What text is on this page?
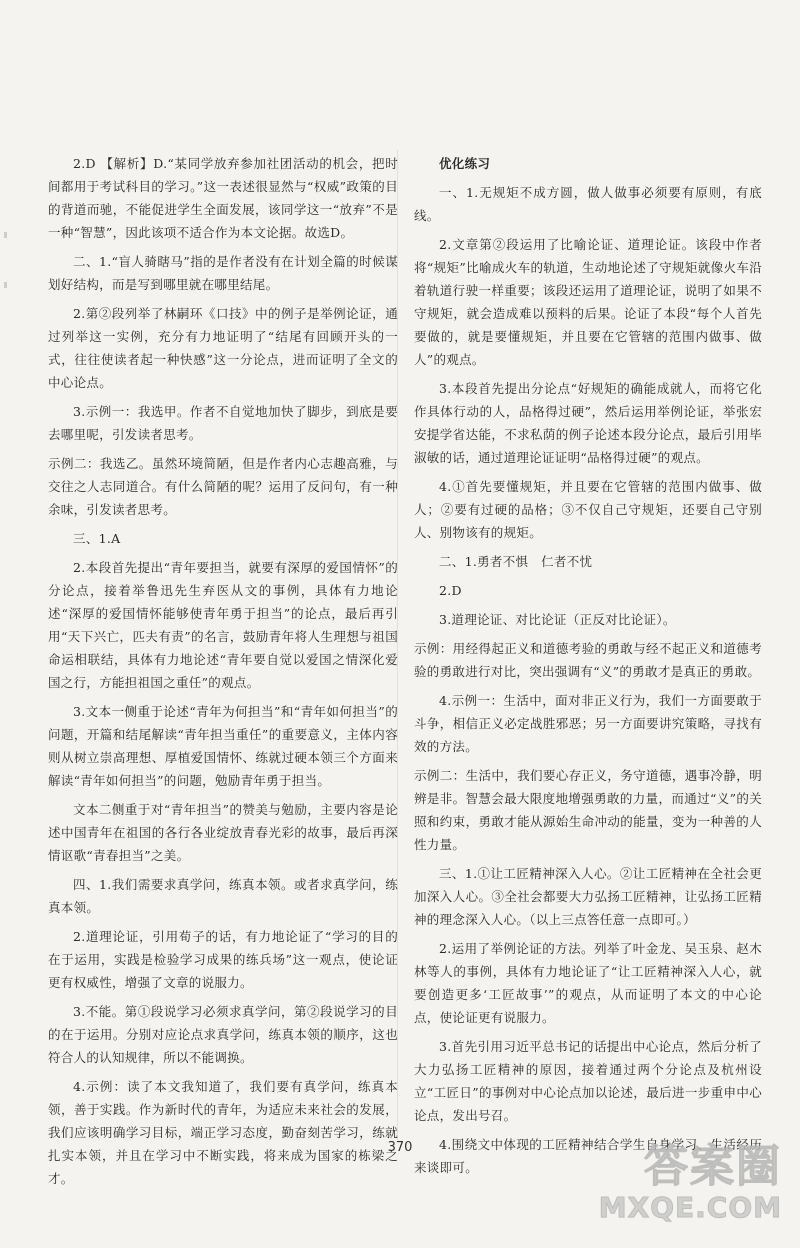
2.D 【解析】D.“某同学放弃参加社团活动的机会，把时间都用于考试科目的学习。”这一表述很显然与“权威”政策的目的背道而驰，不能促进学生全面发展，该同学这一“放弃”不是一种“智慧”，因此该项不适合作为本文论据。故选D。

二、1.“盲人骑瞎马”指的是作者没有在计划全篇的时候谋划好结构，而是写到哪里就在哪里结尾。

2.第②段列举了林嗣环《口技》中的例子是举例论证，通过列举这一实例，充分有力地证明了“结尾有回顾开头的一式，往往使读者起一种快感”这一分论点，进而证明了全文的中心论点。

3.示例一：我选甲。作者不自觉地加快了脚步，到底是要去哪里呢，引发读者思考。

示例二：我选乙。虽然环境简陋，但是作者内心志趣高雅，与交往之人志同道合。有什么简陋的呢？运用了反问句，有一种余味，引发读者思考。

三、1.A

2.本段首先提出“青年要担当，就要有深厚的爱国情怀”的分论点，接着举鲁迅先生弃医从文的事例，具体有力地论述“深厚的爱国情怀能够使青年勇于担当”的论点，最后再引用“天下兴亡，匹夫有责”的名言，鼓励青年将人生理想与祖国命运相联结，具体有力地论述“青年要自觉以爱国之情深化爱国之行，方能担祖国之重任”的观点。

3.文本一侧重于论述“青年为何担当”和“青年如何担当”的问题，开篇和结尾解读“青年担当重任”的重要意义，主体内容则从树立崇高理想、厚植爱国情怀、练就过硬本领三个方面来解读“青年如何担当”的问题，勉励青年勇于担当。

文本二侧重于对“青年担当”的赞美与勉励，主要内容是论述中国青年在祖国的各行各业绽放青春光彩的故事，最后再深情讴歌“青春担当”之美。

四、1.我们需要求真学问，练真本领。或者求真学问，练真本领。

2.道理论证，引用荀子的话，有力地论证了“学习的目的在于运用，实践是检验学习成果的练兵场”这一观点，使论证更有权威性，增强了文章的说服力。

3.不能。第①段说学习必须求真学问，第②段说学习的目的在于运用。分别对应论点求真学问，练真本领的顺序，这也符合人的认知规律，所以不能调换。

4.示例：读了本文我知道了，我们要有真学问，练真本领，善于实践。作为新时代的青年，为适应未来社会的发展，我们应该明确学习目标，端正学习态度，勤奋刻苦学习，练就扎实本领，并且在学习中不断实践，将来成为国家的栋梁之才。

优化练习

一、1.无规矩不成方圆，做人做事必须要有原则，有底线。

2.文章第②段运用了比喻论证、道理论证。该段中作者将“规矩”比喻成火车的轨道，生动地论述了守规矩就像火车沿着轨道行驶一样重要；该段还运用了道理论证，说明了如果不守规矩，就会造成难以预料的后果。论证了本段“每个人首先要做的，就是要懂规矩，并且要在它管辖的范围内做事、做人”的观点。

3.本段首先提出分论点“好规矩的确能成就人，而将它化作具体行动的人，品格得过硬”，然后运用举例论证，举张宏安提学省达能，不求私荫的例子论述本段分论点，最后引用毕淑敏的话，通过道理论证证明“品格得过硬”的观点。

4.①首先要懂规矩，并且要在它管辖的范围内做事、做人；②要有过硬的品格；③不仅自己守规矩，还要自己守别人、别物该有的规矩。

二、1.勇者不惧　仁者不忧

2.D

3.道理论证、对比论证（正反对比论证）。

示例：用经得起正义和道德考验的勇敢与经不起正义和道德考验的勇敢进行对比，突出强调有“义”的勇敢才是真正的勇敢。

4.示例一：生活中，面对非正义行为，我们一方面要敢于斗争，相信正义必定战胜邪恶；另一方面要讲究策略，寻找有效的方法。

示例二：生活中，我们要心存正义，务守道德，遇事冷静，明辨是非。智慧会最大限度地增强勇敢的力量，而通过“义”的关照和约束，勇敢才能从源始生命冲动的能量，变为一种善的人性力量。

三、1.①让工匠精神深入人心。②让工匠精神在全社会更加深入人心。③全社会都要大力弘扬工匠精神，让弘扬工匠精神的理念深入人心。（以上三点答任意一点即可。）

2.运用了举例论证的方法。列举了叶金龙、吴玉泉、赵木林等人的事例，具体有力地论证了“让工匠精神深入人心，就要创造更多‘工匠故事’”的观点，从而证明了本文的中心论点，使论证更有说服力。

3.首先引用习近平总书记的话提出中心论点，然后分析了大力弘扬工匠精神的原因，接着通过两个分论点及杭州设立“工匠日”的事例对中心论点加以论述，最后进一步重申中心论点，发出号召。

4.围绕文中体现的工匠精神结合学生自身学习、生活经历来谈即可。

370	答案圈
MXQE.COM
